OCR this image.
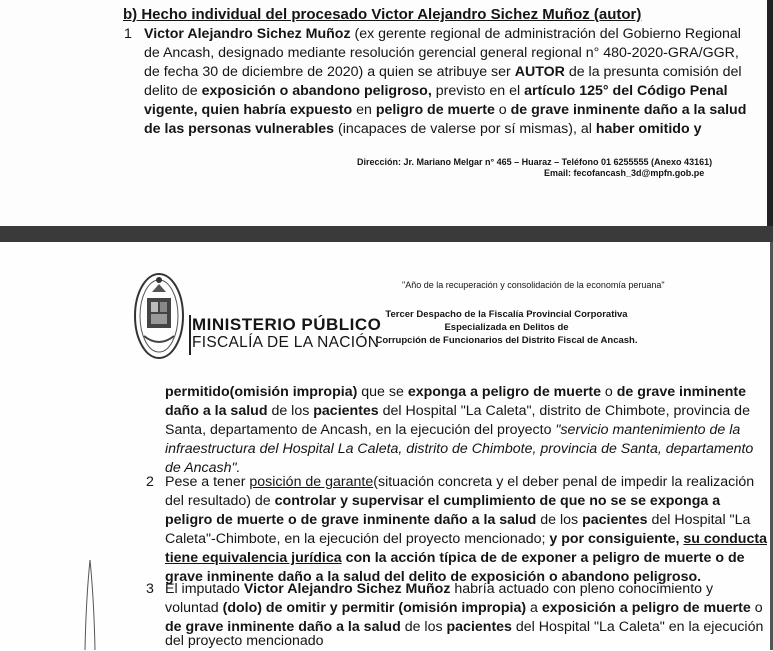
b) Hecho individual del procesado Victor Alejandro Sichez Muñoz (autor)
1 Victor Alejandro Sichez Muñoz (ex gerente regional de administración del Gobierno Regional
de Ancash, designado mediante resolución gerencial general regional n° 480-2020-GRA/GGR,
de fecha 30 de diciembre de 2020) a quien se atribuye ser AUTOR de la presunta comisión del
delito de exposición o abandono peligroso, previsto en el artículo 125° del Código Penal
vigente, quien habría expuesto en peligro de muerte o de grave inminente daño a la salud
de las personas vulnerables (incapaces de valerse por sí mismas), al haber omitido y
Dirección: Jr. Mariano Melgar n° 465 – Huaraz – Teléfono 01 6255555 (Anexo 43161)
Email: fecofancash_3d@mpfn.gob.pe
"Año de la recuperación y consolidación de la economía peruana"
MINISTERIO PÚBLICO
FISCALÍA DE LA NACIÓN
Tercer Despacho de la Fiscalía Provincial Corporativa Especializada en Delitos de
Corrupción de Funcionarios del Distrito Fiscal de Ancash.
permitido(omisión impropia) que se exponga a peligro de muerte o de grave inminente
daño a la salud de los pacientes del Hospital "La Caleta", distrito de Chimbote, provincia de
Santa, departamento de Ancash, en la ejecución del proyecto "servicio mantenimiento de la
infraestructura del Hospital La Caleta, distrito de Chimbote, provincia de Santa, departamento
de Ancash".
2 Pese a tener posición de garante(situación concreta y el deber penal de impedir la realización
del resultado) de controlar y supervisar el cumplimiento de que no se se exponga a
peligro de muerte o de grave inminente daño a la salud de los pacientes del Hospital "La
Caleta"-Chimbote, en la ejecución del proyecto mencionado; y por consiguiente, su conducta
tiene equivalencia jurídica con la acción típica de de exponer a peligro de muerte o de
grave inminente daño a la salud del delito de exposición o abandono peligroso.
3 El imputado Victor Alejandro Sichez Muñoz habría actuado con pleno conocimiento y
voluntad (dolo) de omitir y permitir (omisión impropia) a exposición a peligro de muerte o
de grave inminente daño a la salud de los pacientes del Hospital "La Caleta" en la ejecución
del proyecto mencionado
